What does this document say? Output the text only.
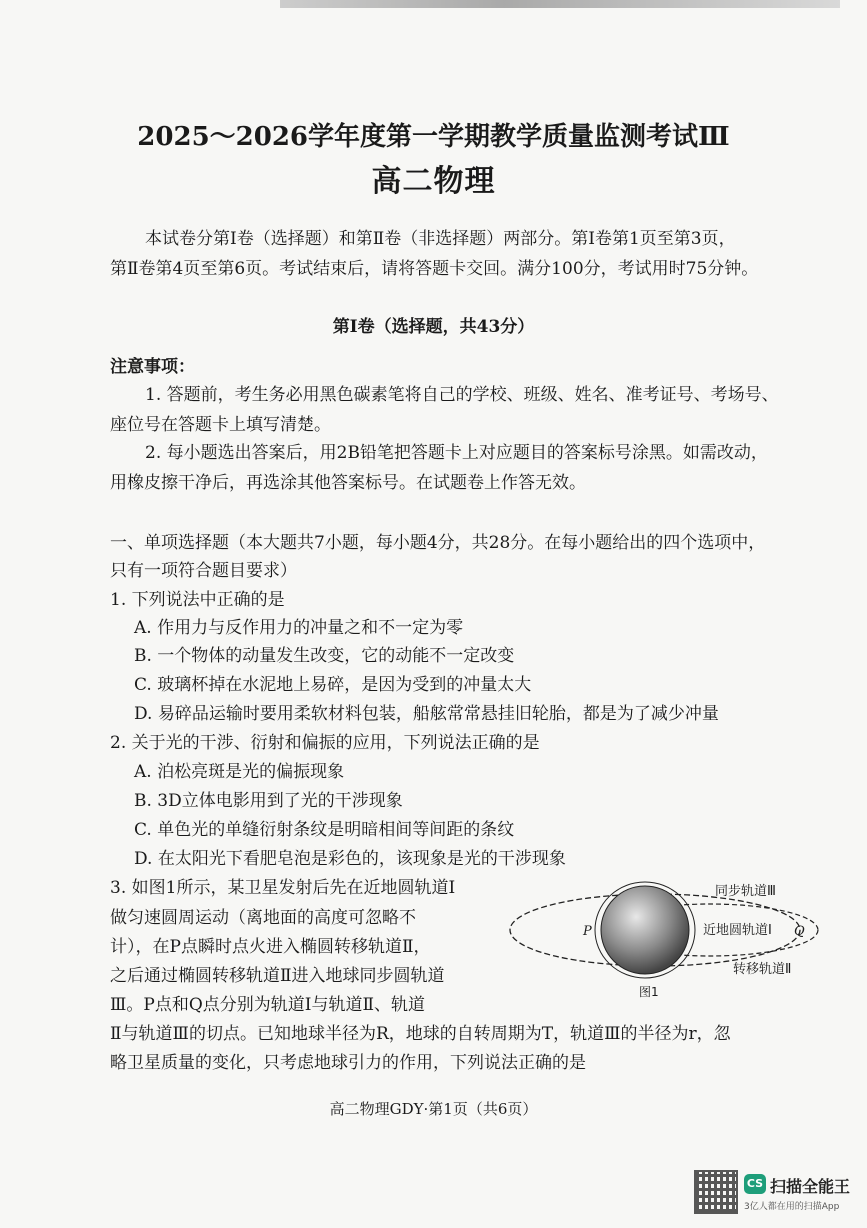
2025～2026学年度第一学期教学质量监测考试Ⅲ
高二物理
本试卷分第Ⅰ卷（选择题）和第Ⅱ卷（非选择题）两部分。第Ⅰ卷第1页至第3页，
第Ⅱ卷第4页至第6页。考试结束后，请将答题卡交回。满分100分，考试用时75分钟。
第Ⅰ卷（选择题，共43分）
注意事项：
1. 答题前，考生务必用黑色碳素笔将自己的学校、班级、姓名、准考证号、考场号、
座位号在答题卡上填写清楚。
2. 每小题选出答案后，用2B铅笔把答题卡上对应题目的答案标号涂黑。如需改动，
用橡皮擦干净后，再选涂其他答案标号。在试题卷上作答无效。
一、单项选择题（本大题共7小题，每小题4分，共28分。在每小题给出的四个选项中，
只有一项符合题目要求）
1. 下列说法中正确的是
A. 作用力与反作用力的冲量之和不一定为零
B. 一个物体的动量发生改变，它的动能不一定改变
C. 玻璃杯掉在水泥地上易碎，是因为受到的冲量太大
D. 易碎品运输时要用柔软材料包装，船舷常常悬挂旧轮胎，都是为了减少冲量
2. 关于光的干涉、衍射和偏振的应用，下列说法正确的是
A. 泊松亮斑是光的偏振现象
B. 3D立体电影用到了光的干涉现象
C. 单色光的单缝衍射条纹是明暗相间等间距的条纹
D. 在太阳光下看肥皂泡是彩色的，该现象是光的干涉现象
3. 如图1所示，某卫星发射后先在近地圆轨道Ⅰ
做匀速圆周运动（离地面的高度可忽略不
计），在P点瞬时点火进入椭圆转移轨道Ⅱ，
之后通过椭圆转移轨道Ⅱ进入地球同步圆轨道
Ⅲ。P点和Q点分别为轨道Ⅰ与轨道Ⅱ、轨道
Ⅱ与轨道Ⅲ的切点。已知地球半径为R，地球的自转周期为T，轨道Ⅲ的半径为r，忽
略卫星质量的变化，只考虑地球引力的作用，下列说法正确的是
同步轨道Ⅲ
近地圆轨道Ⅰ
转移轨道Ⅱ
P	Q
图1
高二物理GDY·第1页（共6页）
CS 扫描全能王
3亿人都在用的扫描App
